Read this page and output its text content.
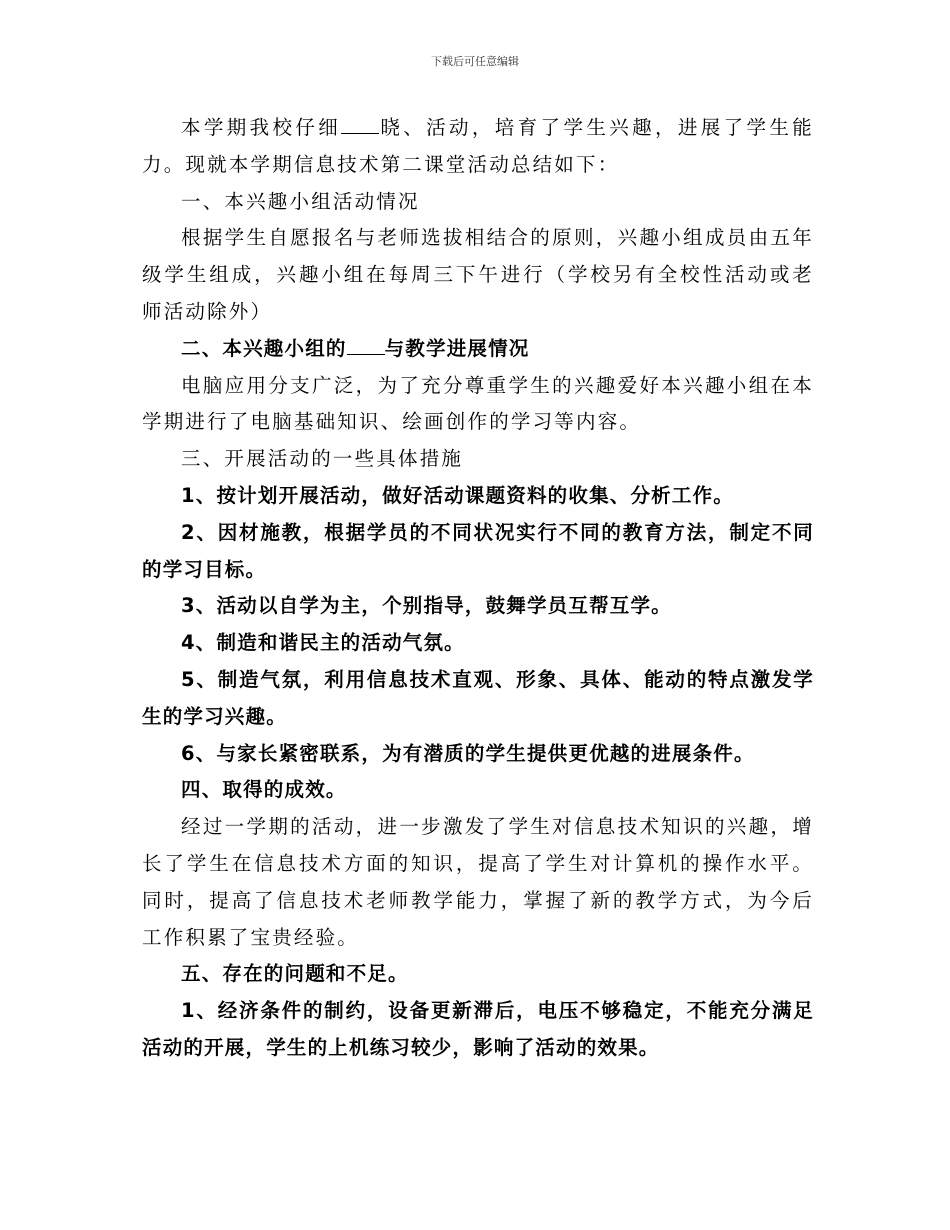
下载后可任意编辑

本学期我校仔细 晓、活动，培育了学生兴趣，进展了学生能力。现就本学期信息技术第二课堂活动总结如下：

一、本兴趣小组活动情况

根据学生自愿报名与老师选拔相结合的原则，兴趣小组成员由五年级学生组成，兴趣小组在每周三下午进行（学校另有全校性活动或老师活动除外）

二、本兴趣小组的 与教学进展情况

电脑应用分支广泛，为了充分尊重学生的兴趣爱好本兴趣小组在本学期进行了电脑基础知识、绘画创作的学习等内容。

三、开展活动的一些具体措施

1、按计划开展活动，做好活动课题资料的收集、分析工作。

2、因材施教，根据学员的不同状况实行不同的教育方法，制定不同的学习目标。

3、活动以自学为主，个别指导，鼓舞学员互帮互学。

4、制造和谐民主的活动气氛。

5、制造气氛，利用信息技术直观、形象、具体、能动的特点激发学生的学习兴趣。

6、与家长紧密联系，为有潜质的学生提供更优越的进展条件。

四、取得的成效。

经过一学期的活动，进一步激发了学生对信息技术知识的兴趣，增长了学生在信息技术方面的知识，提高了学生对计算机的操作水平。同时，提高了信息技术老师教学能力，掌握了新的教学方式，为今后工作积累了宝贵经验。

五、存在的问题和不足。

1、经济条件的制约，设备更新滞后，电压不够稳定，不能充分满足活动的开展，学生的上机练习较少，影响了活动的效果。
